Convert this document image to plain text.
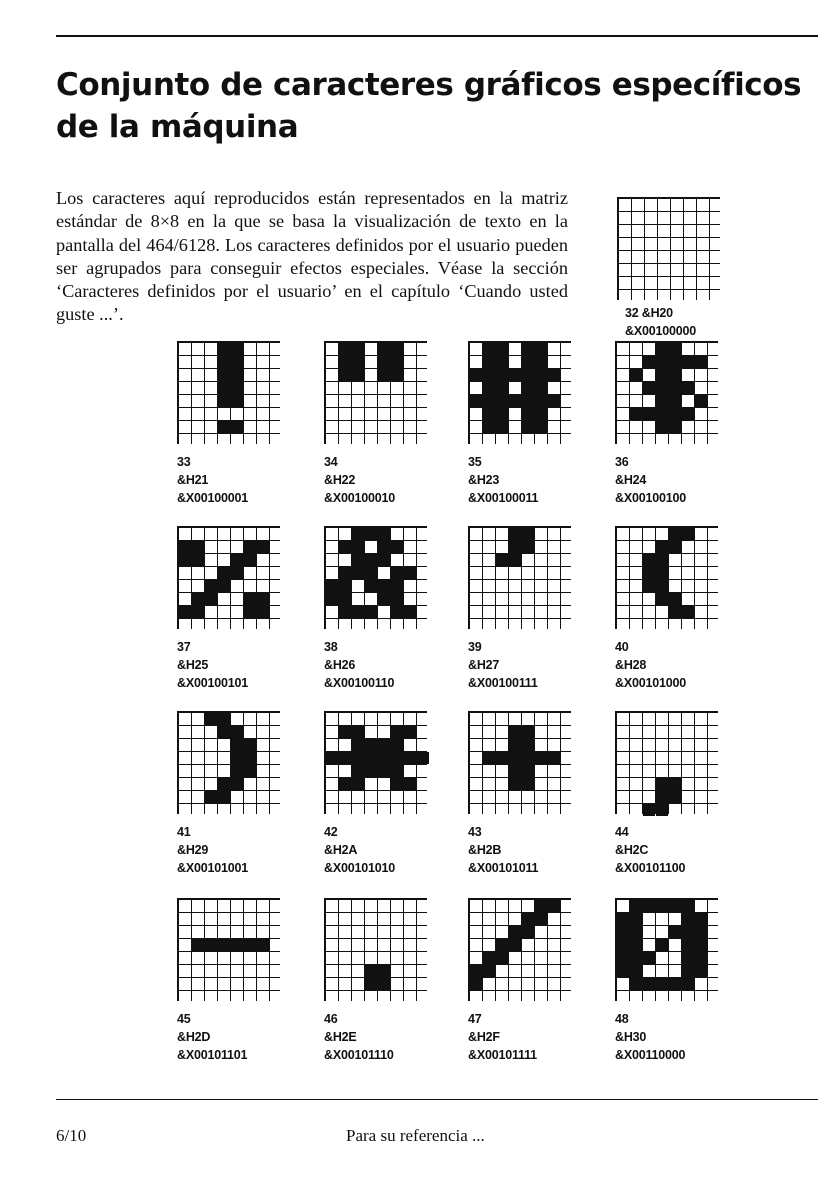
Conjunto de caracteres gráficos específicos
de la máquina

Los caracteres aquí reproducidos están representados en la matriz estándar de 8×8 en la que se basa la visualización de texto en la pantalla del 464/6128. Los caracteres definidos por el usuario pueden ser agrupados para conseguir efectos especiales. Véase la sección ‘Caracteres definidos por el usuario’ en el capítulo ‘Cuando usted guste ...’.	32 &H20
&X00100000
33
&H21
&X00100001
34
&H22
&X00100010
35
&H23
&X00100011
36
&H24
&X00100100
37
&H25
&X00100101
38
&H26
&X00100110
39
&H27
&X00100111
40
&H28
&X00101000
41
&H29
&X00101001
42
&H2A
&X00101010
43
&H2B
&X00101011
44
&H2C
&X00101100
45
&H2D
&X00101101
46
&H2E
&X00101110
47
&H2F
&X00101111
48
&H30
&X00110000
6/10	Para su referencia ...
